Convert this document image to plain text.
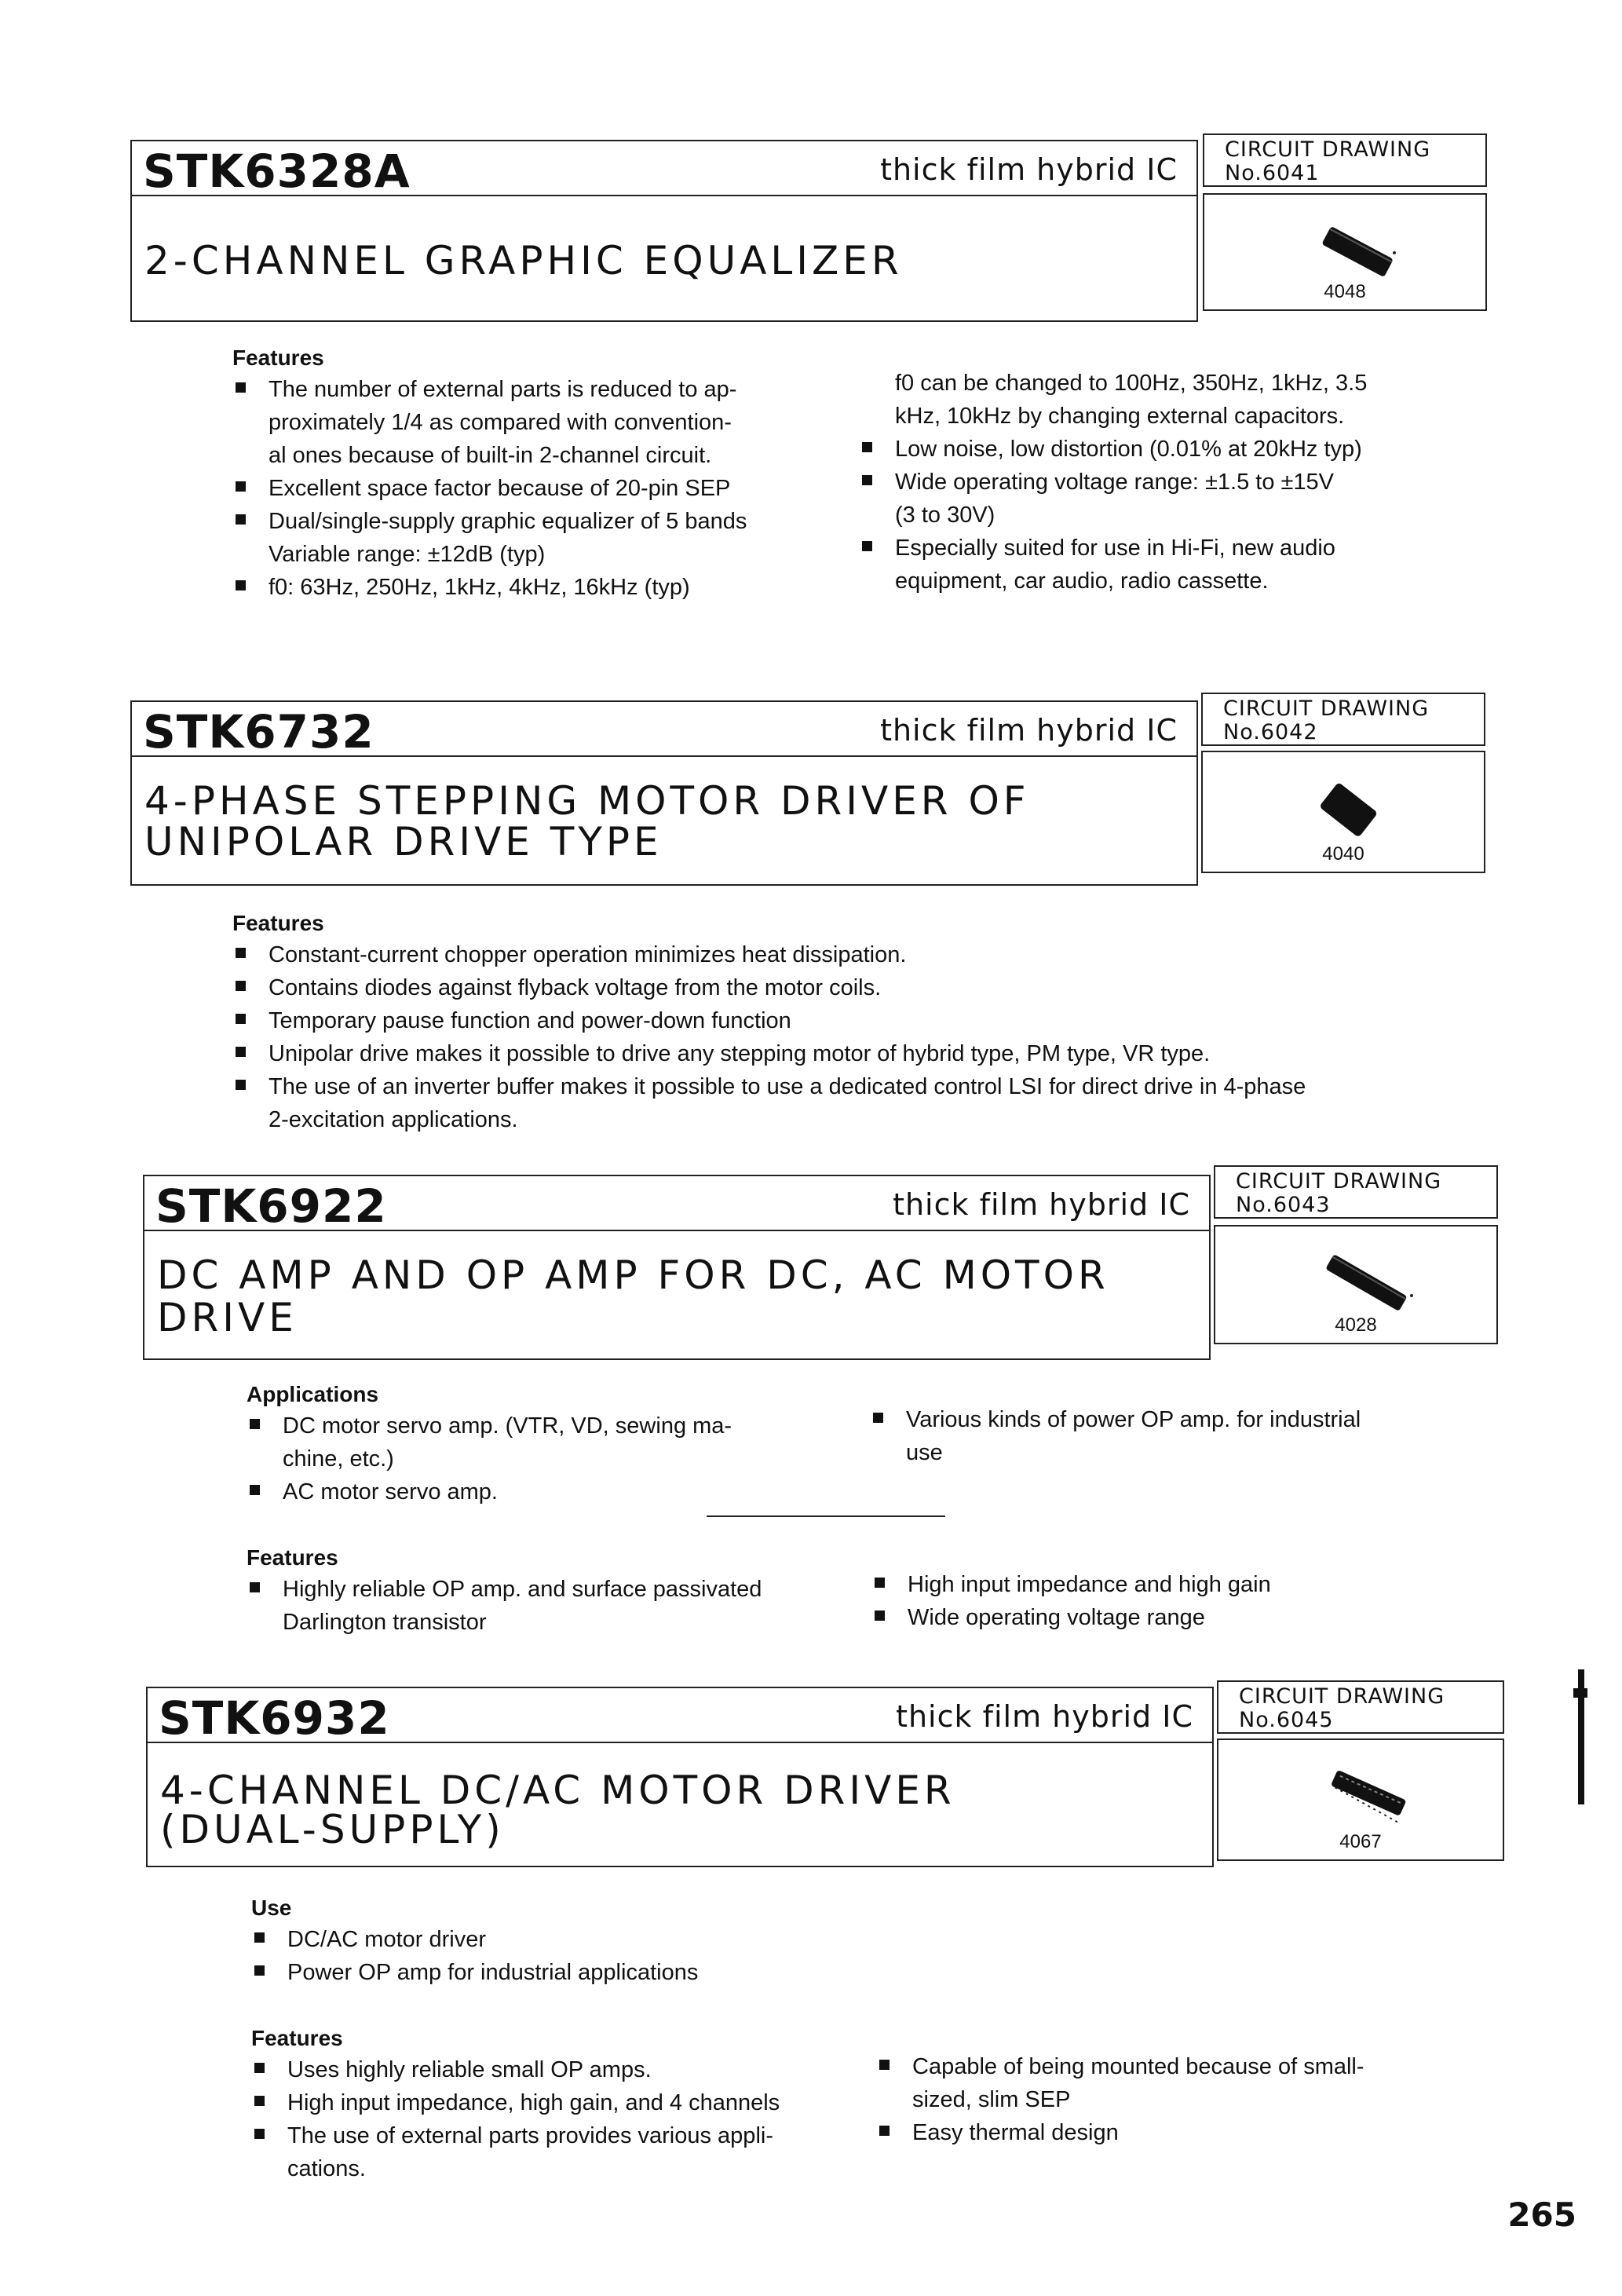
STK6328A	thick film hybrid IC
CIRCUIT DRAWING
No.6041
2-CHANNEL GRAPHIC EQUALIZER
4048
Features
The number of external parts is reduced to ap-
proximately 1/4 as compared with convention-
al ones because of built-in 2-channel circuit.
Excellent space factor because of 20-pin SEP
Dual/single-supply graphic equalizer of 5 bands
Variable range: ±12dB (typ)
f0: 63Hz, 250Hz, 1kHz, 4kHz, 16kHz (typ)
f0 can be changed to 100Hz, 350Hz, 1kHz, 3.5
kHz, 10kHz by changing external capacitors.
Low noise, low distortion (0.01% at 20kHz typ)
Wide operating voltage range: ±1.5 to ±15V
(3 to 30V)
Especially suited for use in Hi-Fi, new audio
equipment, car audio, radio cassette.
STK6732	thick film hybrid IC
CIRCUIT DRAWING
No.6042
4-PHASE STEPPING MOTOR DRIVER OF
UNIPOLAR DRIVE TYPE	4040
Features
Constant-current chopper operation minimizes heat dissipation.
Contains diodes against flyback voltage from the motor coils.
Temporary pause function and power-down function
Unipolar drive makes it possible to drive any stepping motor of hybrid type, PM type, VR type.
The use of an inverter buffer makes it possible to use a dedicated control LSI for direct drive in 4-phase
2-excitation applications.
STK6922	thick film hybrid IC
CIRCUIT DRAWING
No.6043
DC AMP AND OP AMP FOR DC, AC MOTOR
DRIVE	4028
Applications
DC motor servo amp. (VTR, VD, sewing ma-
chine, etc.)
AC motor servo amp.
Various kinds of power OP amp. for industrial
use
Features
Highly reliable OP amp. and surface passivated
Darlington transistor
High input impedance and high gain
Wide operating voltage range
STK6932	thick film hybrid IC
CIRCUIT DRAWING
No.6045
4-CHANNEL DC/AC MOTOR DRIVER
(DUAL-SUPPLY)	4067
Use
DC/AC motor driver
Power OP amp for industrial applications
Features
Uses highly reliable small OP amps.
High input impedance, high gain, and 4 channels
The use of external parts provides various appli-
cations.
Capable of being mounted because of small-
sized, slim SEP
Easy thermal design
265
